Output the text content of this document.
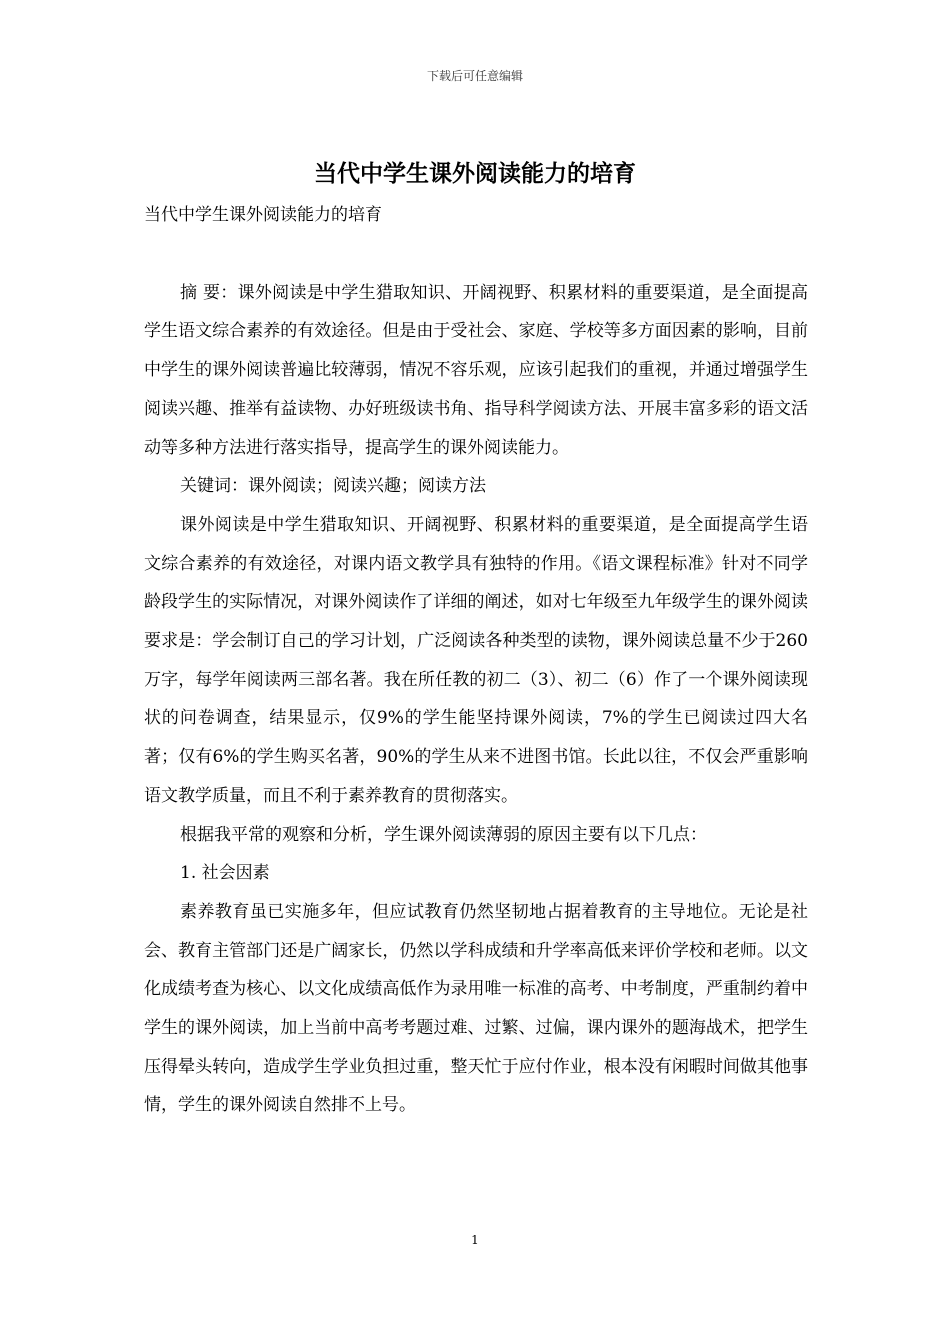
下载后可任意编辑
当代中学生课外阅读能力的培育

当代中学生课外阅读能力的培育

摘 要：课外阅读是中学生猎取知识、开阔视野、积累材料的重要渠道，是全面提高学生语文综合素养的有效途径。但是由于受社会、家庭、学校等多方面因素的影响，目前中学生的课外阅读普遍比较薄弱，情况不容乐观，应该引起我们的重视，并通过增强学生阅读兴趣、推举有益读物、办好班级读书角、指导科学阅读方法、开展丰富多彩的语文活动等多种方法进行落实指导，提高学生的课外阅读能力。

关键词：课外阅读；阅读兴趣；阅读方法

课外阅读是中学生猎取知识、开阔视野、积累材料的重要渠道，是全面提高学生语文综合素养的有效途径，对课内语文教学具有独特的作用。《语文课程标准》针对不同学龄段学生的实际情况，对课外阅读作了详细的阐述，如对七年级至九年级学生的课外阅读要求是：学会制订自己的学习计划，广泛阅读各种类型的读物，课外阅读总量不少于260万字，每学年阅读两三部名著。我在所任教的初二（3）、初二（6）作了一个课外阅读现状的问卷调查，结果显示，仅9%的学生能坚持课外阅读，7%的学生已阅读过四大名著；仅有6%的学生购买名著，90%的学生从来不进图书馆。长此以往，不仅会严重影响语文教学质量，而且不利于素养教育的贯彻落实。

根据我平常的观察和分析，学生课外阅读薄弱的原因主要有以下几点：

1. 社会因素

素养教育虽已实施多年，但应试教育仍然坚韧地占据着教育的主导地位。无论是社会、教育主管部门还是广阔家长，仍然以学科成绩和升学率高低来评价学校和老师。以文化成绩考查为核心、以文化成绩高低作为录用唯一标准的高考、中考制度，严重制约着中学生的课外阅读，加上当前中高考考题过难、过繁、过偏，课内课外的题海战术，把学生压得晕头转向，造成学生学业负担过重，整天忙于应付作业，根本没有闲暇时间做其他事情，学生的课外阅读自然排不上号。

1
